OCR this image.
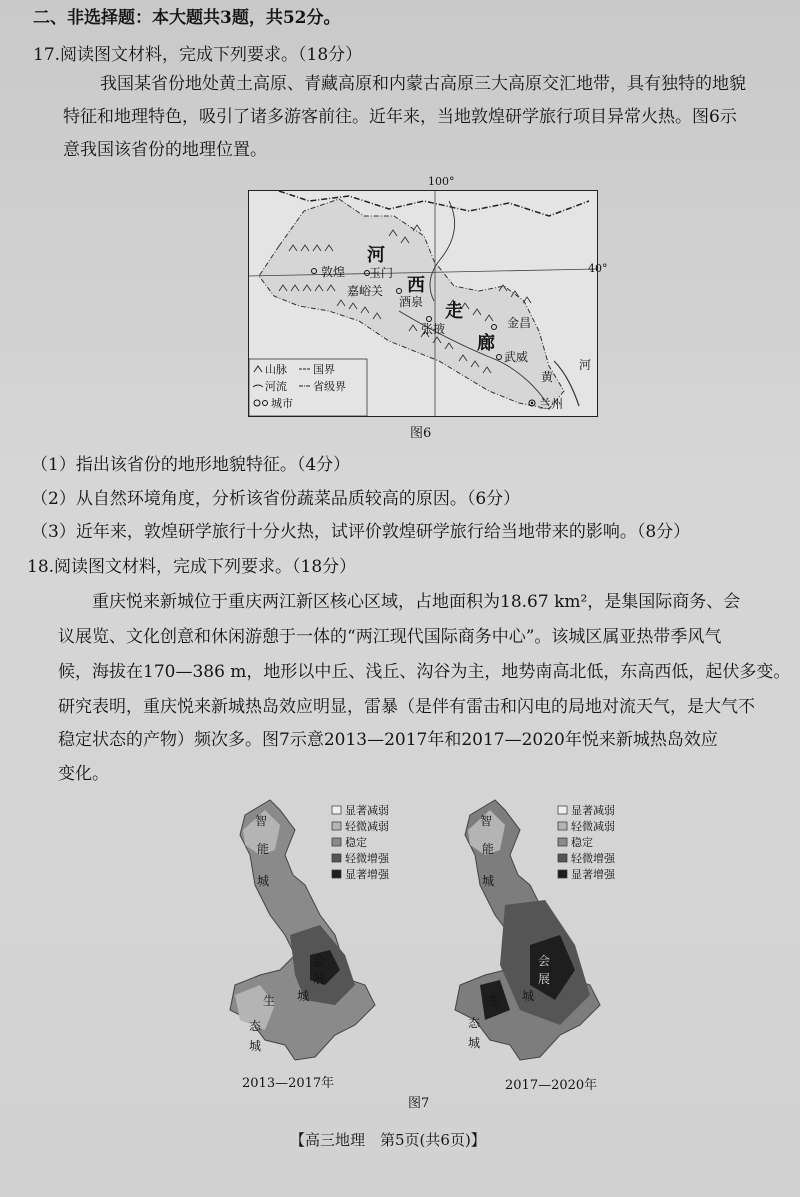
二、非选择题：本大题共3题，共52分。
17.阅读图文材料，完成下列要求。（18分）
我国某省份地处黄土高原、青藏高原和内蒙古高原三大高原交汇地带，具有独特的地貌
特征和地理特色，吸引了诸多游客前往。近年来，当地敦煌研学旅行项目异常火热。图6示
意我国该省份的地理位置。
河
西
走
廊
敦煌 玉门
嘉峪关
酒泉
张掖	金昌
武威
黄
河
兰州
山脉 国界
河流 省级界
城市
100°
40°
图6
（1）指出该省份的地形地貌特征。（4分）
（2）从自然环境角度，分析该省份蔬菜品质较高的原因。（6分）
（3）近年来，敦煌研学旅行十分火热，试评价敦煌研学旅行给当地带来的影响。（8分）
18.阅读图文材料，完成下列要求。（18分）
重庆悦来新城位于重庆两江新区核心区域，占地面积为18.67 km²，是集国际商务、会
议展览、文化创意和休闲游憩于一体的“两江现代国际商务中心”。该城区属亚热带季风气
候，海拔在170—386 m，地形以中丘、浅丘、沟谷为主，地势南高北低，东高西低，起伏多变。
研究表明，重庆悦来新城热岛效应明显，雷暴（是伴有雷击和闪电的局地对流天气，是大气不
稳定状态的产物）频次多。图7示意2013—2017年和2017—2020年悦来新城热岛效应
变化。
智
能
城
会
展
城
生
态
城
智
能
城
会
展
城
生
态
城
显著减弱
轻微减弱
稳定
轻微增强
显著增强
显著减弱
轻微减弱
稳定
轻微增强
显著增强
2013—2017年	2017—2020年
图7
【高三地理　第5页(共6页)】
